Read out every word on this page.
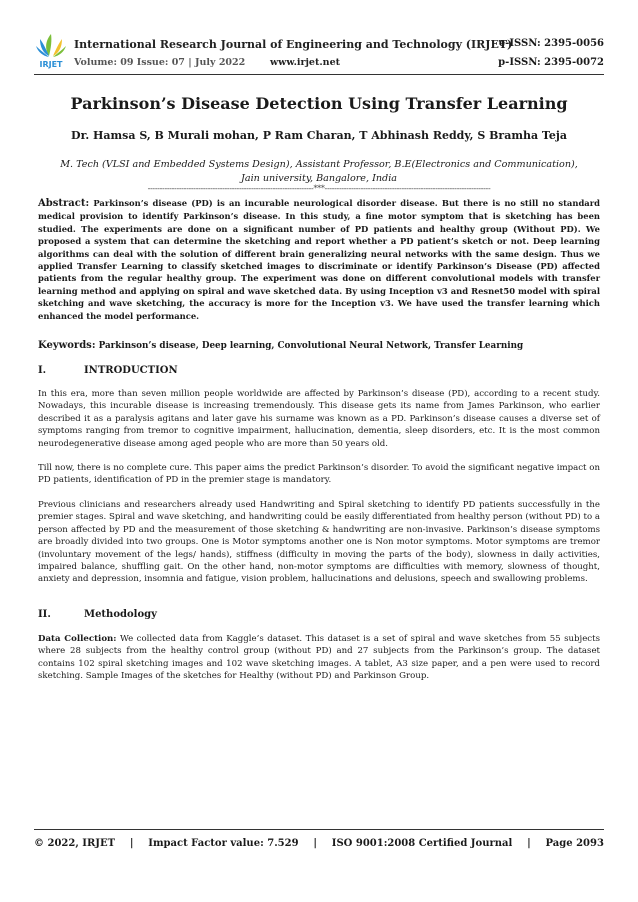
IRJET
International Research Journal of Engineering and Technology (IRJET)
e-ISSN: 2395-0056
Volume: 09 Issue: 07 | July 2022	www.irjet.net	p-ISSN: 2395-0072
Parkinson’s Disease Detection Using Transfer Learning
Dr. Hamsa S, B Murali mohan, P Ram Charan, T Abhinash Reddy, S Bramha Teja
M. Tech (VLSI and Embedded Systems Design), Assistant Professor, B.E(Electronics and Communication),
Jain university, Bangalore, India
---------------------------------------------------------------------***---------------------------------------------------------------------
Abstract: Parkinson’s disease (PD) is an incurable neurological disorder disease. But there is no still no standard medical provision to identify Parkinson’s disease. In this study, a fine motor symptom that is sketching has been studied. The experiments are done on a significant number of PD patients and healthy group (Without PD). We proposed a system that can determine the sketching and report whether a PD patient’s sketch or not. Deep learning algorithms can deal with the solution of different brain generalizing neural networks with the same design. Thus we applied Transfer Learning to classify sketched images to discriminate or identify Parkinson’s Disease (PD) affected patients from the regular healthy group. The experiment was done on different convolutional models with transfer learning method and applying on spiral and wave sketched data. By using Inception v3 and Resnet50 model with spiral sketching and wave sketching, the accuracy is more for the Inception v3. We have used the transfer learning which enhanced the model performance.
Keywords: Parkinson’s disease, Deep learning, Convolutional Neural Network, Transfer Learning
I.	INTRODUCTION
In this era, more than seven million people worldwide are affected by Parkinson’s disease (PD), according to a recent study. Nowadays, this incurable disease is increasing tremendously. This disease gets its name from James Parkinson, who earlier described it as a paralysis agitans and later gave his surname was known as a PD. Parkinson’s disease causes a diverse set of symptoms ranging from tremor to cognitive impairment, hallucination, dementia, sleep disorders, etc. It is the most common neurodegenerative disease among aged people who are more than 50 years old.
Till now, there is no complete cure. This paper aims the predict Parkinson’s disorder. To avoid the significant negative impact on PD patients, identification of PD in the premier stage is mandatory.
Previous clinicians and researchers already used Handwriting and Spiral sketching to identify PD patients successfully in the premier stages. Spiral and wave sketching, and handwriting could be easily differentiated from healthy person (without PD) to a person affected by PD and the measurement of those sketching & handwriting are non-invasive. Parkinson’s disease symptoms are broadly divided into two groups. One is Motor symptoms another one is Non motor symptoms. Motor symptoms are tremor (involuntary movement of the legs/ hands), stiffness (difficulty in moving the parts of the body), slowness in daily activities, impaired balance, shuffling gait. On the other hand, non-motor symptoms are difficulties with memory, slowness of thought, anxiety and depression, insomnia and fatigue, vision problem, hallucinations and delusions, speech and swallowing problems.
II.	Methodology
Data Collection: We collected data from Kaggle’s dataset. This dataset is a set of spiral and wave sketches from 55 subjects where 28 subjects from the healthy control group (without PD) and 27 subjects from the Parkinson’s group. The dataset contains 102 spiral sketching images and 102 wave sketching images. A tablet, A3 size paper, and a pen were used to record sketching. Sample Images of the sketches for Healthy (without PD) and Parkinson Group.
© 2022, IRJET | Impact Factor value: 7.529 | ISO 9001:2008 Certified Journal | Page 2093
